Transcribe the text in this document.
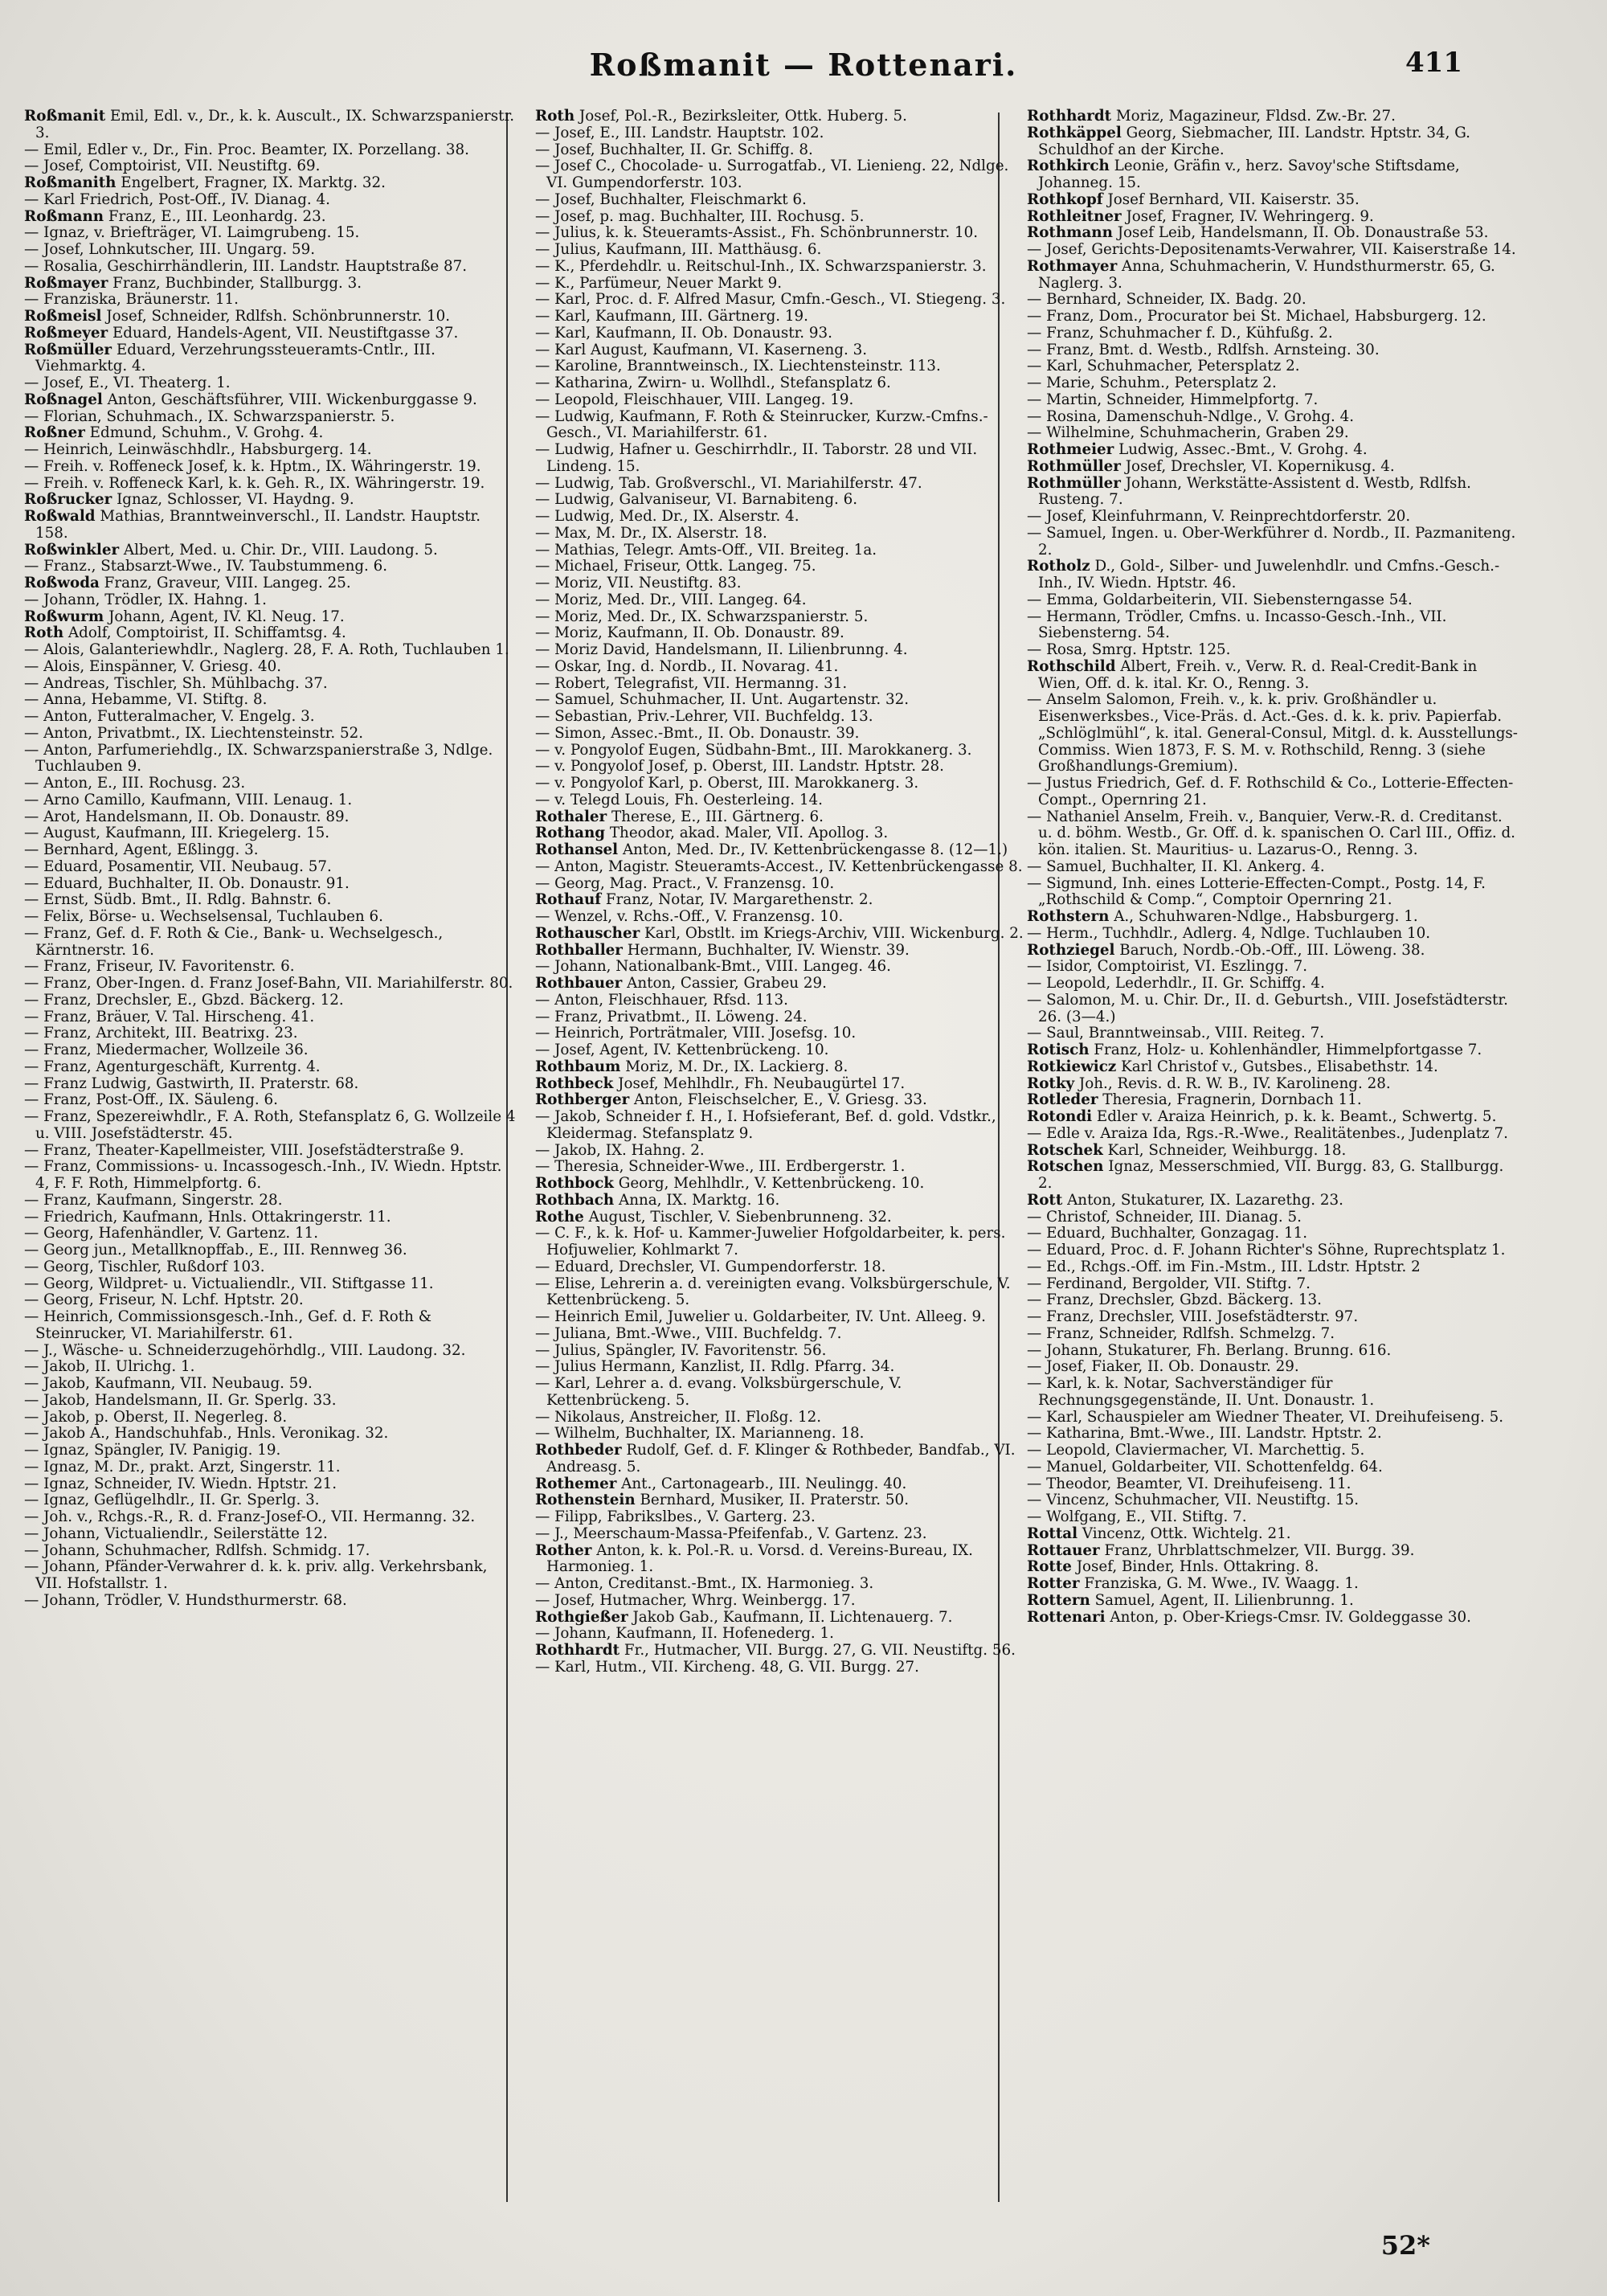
Roßmanit — Rottenari.	411

Roßmanit Emil, Edl. v., Dr., k. k. Auscult., IX. Schwarzspanierstr. 3.

— Emil, Edler v., Dr., Fin. Proc. Beamter, IX. Porzellang. 38.

— Josef, Comptoirist, VII. Neustiftg. 69.

Roßmanith Engelbert, Fragner, IX. Marktg. 32.

— Karl Friedrich, Post-Off., IV. Dianag. 4.

Roßmann Franz, E., III. Leonhardg. 23.

— Ignaz, v. Briefträger, VI. Laimgrubeng. 15.

— Josef, Lohnkutscher, III. Ungarg. 59.

— Rosalia, Geschirrhändlerin, III. Landstr. Hauptstraße 87.

Roßmayer Franz, Buchbinder, Stallburgg. 3.

— Franziska, Bräunerstr. 11.

Roßmeisl Josef, Schneider, Rdlfsh. Schönbrunnerstr. 10.

Roßmeyer Eduard, Handels-Agent, VII. Neustiftgasse 37.

Roßmüller Eduard, Verzehrungssteueramts-Cntlr., III. Viehmarktg. 4.

— Josef, E., VI. Theaterg. 1.

Roßnagel Anton, Geschäftsführer, VIII. Wickenburggasse 9.

— Florian, Schuhmach., IX. Schwarzspanierstr. 5.

Roßner Edmund, Schuhm., V. Grohg. 4.

— Heinrich, Leinwäschhdlr., Habsburgerg. 14.

— Freih. v. Roffeneck Josef, k. k. Hptm., IX. Währingerstr. 19.

— Freih. v. Roffeneck Karl, k. k. Geh. R., IX. Währingerstr. 19.

Roßrucker Ignaz, Schlosser, VI. Haydng. 9.

Roßwald Mathias, Branntweinverschl., II. Landstr. Hauptstr. 158.

Roßwinkler Albert, Med. u. Chir. Dr., VIII. Laudong. 5.

— Franz., Stabsarzt-Wwe., IV. Taubstummeng. 6.

Roßwoda Franz, Graveur, VIII. Langeg. 25.

— Johann, Trödler, IX. Hahng. 1.

Roßwurm Johann, Agent, IV. Kl. Neug. 17.

Roth Adolf, Comptoirist, II. Schiffamtsg. 4.

— Alois, Galanteriewhdlr., Naglerg. 28, F. A. Roth, Tuchlauben 1.

— Alois, Einspänner, V. Griesg. 40.

— Andreas, Tischler, Sh. Mühlbachg. 37.

— Anna, Hebamme, VI. Stiftg. 8.

— Anton, Futteralmacher, V. Engelg. 3.

— Anton, Privatbmt., IX. Liechtensteinstr. 52.

— Anton, Parfumeriehdlg., IX. Schwarzspanierstraße 3, Ndlge. Tuchlauben 9.

— Anton, E., III. Rochusg. 23.

— Arno Camillo, Kaufmann, VIII. Lenaug. 1.

— Arot, Handelsmann, II. Ob. Donaustr. 89.

— August, Kaufmann, III. Kriegelerg. 15.

— Bernhard, Agent, Eßlingg. 3.

— Eduard, Posamentir, VII. Neubaug. 57.

— Eduard, Buchhalter, II. Ob. Donaustr. 91.

— Ernst, Südb. Bmt., II. Rdlg. Bahnstr. 6.

— Felix, Börse- u. Wechselsensal, Tuchlauben 6.

— Franz, Gef. d. F. Roth & Cie., Bank- u. Wechselgesch., Kärntnerstr. 16.

— Franz, Friseur, IV. Favoritenstr. 6.

— Franz, Ober-Ingen. d. Franz Josef-Bahn, VII. Mariahilferstr. 80.

— Franz, Drechsler, E., Gbzd. Bäckerg. 12.

— Franz, Bräuer, V. Tal. Hirscheng. 41.

— Franz, Architekt, III. Beatrixg. 23.

— Franz, Miedermacher, Wollzeile 36.

— Franz, Agenturgeschäft, Kurrentg. 4.

— Franz Ludwig, Gastwirth, II. Praterstr. 68.

— Franz, Post-Off., IX. Säuleng. 6.

— Franz, Spezereiwhdlr., F. A. Roth, Stefansplatz 6, G. Wollzeile 4 u. VIII. Josefstädterstr. 45.

— Franz, Theater-Kapellmeister, VIII. Josefstädterstraße 9.

— Franz, Commissions- u. Incassogesch.-Inh., IV. Wiedn. Hptstr. 4, F. F. Roth, Himmelpfortg. 6.

— Franz, Kaufmann, Singerstr. 28.

— Friedrich, Kaufmann, Hnls. Ottakringerstr. 11.

— Georg, Hafenhändler, V. Gartenz. 11.

— Georg jun., Metallknopffab., E., III. Rennweg 36.

— Georg, Tischler, Rußdorf 103.

— Georg, Wildpret- u. Victualiendlr., VII. Stiftgasse 11.

— Georg, Friseur, N. Lchf. Hptstr. 20.

— Heinrich, Commissionsgesch.-Inh., Gef. d. F. Roth & Steinrucker, VI. Mariahilferstr. 61.

— J., Wäsche- u. Schneiderzugehörhdlg., VIII. Laudong. 32.

— Jakob, II. Ulrichg. 1.

— Jakob, Kaufmann, VII. Neubaug. 59.

— Jakob, Handelsmann, II. Gr. Sperlg. 33.

— Jakob, p. Oberst, II. Negerleg. 8.

— Jakob A., Handschuhfab., Hnls. Veronikag. 32.

— Ignaz, Spängler, IV. Panigig. 19.

— Ignaz, M. Dr., prakt. Arzt, Singerstr. 11.

— Ignaz, Schneider, IV. Wiedn. Hptstr. 21.

— Ignaz, Geflügelhdlr., II. Gr. Sperlg. 3.

— Joh. v., Rchgs.-R., R. d. Franz-Josef-O., VII. Hermanng. 32.

— Johann, Victualiendlr., Seilerstätte 12.

— Johann, Schuhmacher, Rdlfsh. Schmidg. 17.

— Johann, Pfänder-Verwahrer d. k. k. priv. allg. Verkehrsbank, VII. Hofstallstr. 1.

— Johann, Trödler, V. Hundsthurmerstr. 68.

Roth Josef, Pol.-R., Bezirksleiter, Ottk. Huberg. 5.

— Josef, E., III. Landstr. Hauptstr. 102.

— Josef, Buchhalter, II. Gr. Schiffg. 8.

— Josef C., Chocolade- u. Surrogatfab., VI. Lienieng. 22, Ndlge. VI. Gumpendorferstr. 103.

— Josef, Buchhalter, Fleischmarkt 6.

— Josef, p. mag. Buchhalter, III. Rochusg. 5.

— Julius, k. k. Steueramts-Assist., Fh. Schönbrunnerstr. 10.

— Julius, Kaufmann, III. Matthäusg. 6.

— K., Pferdehdlr. u. Reitschul-Inh., IX. Schwarzspanierstr. 3.

— K., Parfümeur, Neuer Markt 9.

— Karl, Proc. d. F. Alfred Masur, Cmfn.-Gesch., VI. Stiegeng. 3.

— Karl, Kaufmann, III. Gärtnerg. 19.

— Karl, Kaufmann, II. Ob. Donaustr. 93.

— Karl August, Kaufmann, VI. Kaserneng. 3.

— Karoline, Branntweinsch., IX. Liechtensteinstr. 113.

— Katharina, Zwirn- u. Wollhdl., Stefansplatz 6.

— Leopold, Fleischhauer, VIII. Langeg. 19.

— Ludwig, Kaufmann, F. Roth & Steinrucker, Kurzw.-Cmfns.-Gesch., VI. Mariahilferstr. 61.

— Ludwig, Hafner u. Geschirrhdlr., II. Taborstr. 28 und VII. Lindeng. 15.

— Ludwig, Tab. Großverschl., VI. Mariahilferstr. 47.

— Ludwig, Galvaniseur, VI. Barnabiteng. 6.

— Ludwig, Med. Dr., IX. Alserstr. 4.

— Max, M. Dr., IX. Alserstr. 18.

— Mathias, Telegr. Amts-Off., VII. Breiteg. 1a.

— Michael, Friseur, Ottk. Langeg. 75.

— Moriz, VII. Neustiftg. 83.

— Moriz, Med. Dr., VIII. Langeg. 64.

— Moriz, Med. Dr., IX. Schwarzspanierstr. 5.

— Moriz, Kaufmann, II. Ob. Donaustr. 89.

— Moriz David, Handelsmann, II. Lilienbrunng. 4.

— Oskar, Ing. d. Nordb., II. Novarag. 41.

— Robert, Telegrafist, VII. Hermanng. 31.

— Samuel, Schuhmacher, II. Unt. Augartenstr. 32.

— Sebastian, Priv.-Lehrer, VII. Buchfeldg. 13.

— Simon, Assec.-Bmt., II. Ob. Donaustr. 39.

— v. Pongyolof Eugen, Südbahn-Bmt., III. Marokkanerg. 3.

— v. Pongyolof Josef, p. Oberst, III. Landstr. Hptstr. 28.

— v. Pongyolof Karl, p. Oberst, III. Marokkanerg. 3.

— v. Telegd Louis, Fh. Oesterleing. 14.

Rothaler Therese, E., III. Gärtnerg. 6.

Rothang Theodor, akad. Maler, VII. Apollog. 3.

Rothansel Anton, Med. Dr., IV. Kettenbrückengasse 8. (12—1.)

— Anton, Magistr. Steueramts-Accest., IV. Kettenbrückengasse 8.

— Georg, Mag. Pract., V. Franzensg. 10.

Rothauf Franz, Notar, IV. Margarethenstr. 2.

— Wenzel, v. Rchs.-Off., V. Franzensg. 10.

Rothauscher Karl, Obstlt. im Kriegs-Archiv, VIII. Wickenburg. 2.

Rothballer Hermann, Buchhalter, IV. Wienstr. 39.

— Johann, Nationalbank-Bmt., VIII. Langeg. 46.

Rothbauer Anton, Cassier, Grabeu 29.

— Anton, Fleischhauer, Rfsd. 113.

— Franz, Privatbmt., II. Löweng. 24.

— Heinrich, Porträtmaler, VIII. Josefsg. 10.

— Josef, Agent, IV. Kettenbrückeng. 10.

Rothbaum Moriz, M. Dr., IX. Lackierg. 8.

Rothbeck Josef, Mehlhdlr., Fh. Neubaugürtel 17.

Rothberger Anton, Fleischselcher, E., V. Griesg. 33.

— Jakob, Schneider f. H., I. Hofsieferant, Bef. d. gold. Vdstkr., Kleidermag. Stefansplatz 9.

— Jakob, IX. Hahng. 2.

— Theresia, Schneider-Wwe., III. Erdbergerstr. 1.

Rothbock Georg, Mehlhdlr., V. Kettenbrückeng. 10.

Rothbach Anna, IX. Marktg. 16.

Rothe August, Tischler, V. Siebenbrunneng. 32.

— C. F., k. k. Hof- u. Kammer-Juwelier Hofgoldarbeiter, k. pers. Hofjuwelier, Kohlmarkt 7.

— Eduard, Drechsler, VI. Gumpendorferstr. 18.

— Elise, Lehrerin a. d. vereinigten evang. Volksbürgerschule, V. Kettenbrückeng. 5.

— Heinrich Emil, Juwelier u. Goldarbeiter, IV. Unt. Alleeg. 9.

— Juliana, Bmt.-Wwe., VIII. Buchfeldg. 7.

— Julius, Spängler, IV. Favoritenstr. 56.

— Julius Hermann, Kanzlist, II. Rdlg. Pfarrg. 34.

— Karl, Lehrer a. d. evang. Volksbürgerschule, V. Kettenbrückeng. 5.

— Nikolaus, Anstreicher, II. Floßg. 12.

— Wilhelm, Buchhalter, IX. Marianneng. 18.

Rothbeder Rudolf, Gef. d. F. Klinger & Rothbeder, Bandfab., VI. Andreasg. 5.

Rothemer Ant., Cartonagearb., III. Neulingg. 40.

Rothenstein Bernhard, Musiker, II. Praterstr. 50.

— Filipp, Fabrikslbes., V. Garterg. 23.

— J., Meerschaum-Massa-Pfeifenfab., V. Gartenz. 23.

Rother Anton, k. k. Pol.-R. u. Vorsd. d. Vereins-Bureau, IX. Harmonieg. 1.

— Anton, Creditanst.-Bmt., IX. Harmonieg. 3.

— Josef, Hutmacher, Whrg. Weinbergg. 17.

Rothgießer Jakob Gab., Kaufmann, II. Lichtenauerg. 7.

— Johann, Kaufmann, II. Hofenederg. 1.

Rothhardt Fr., Hutmacher, VII. Burgg. 27, G. VII. Neustiftg. 56.

— Karl, Hutm., VII. Kircheng. 48, G. VII. Burgg. 27.

Rothhardt Moriz, Magazineur, Fldsd. Zw.-Br. 27.

Rothkäppel Georg, Siebmacher, III. Landstr. Hptstr. 34, G. Schuldhof an der Kirche.

Rothkirch Leonie, Gräfin v., herz. Savoy'sche Stiftsdame, Johanneg. 15.

Rothkopf Josef Bernhard, VII. Kaiserstr. 35.

Rothleitner Josef, Fragner, IV. Wehringerg. 9.

Rothmann Josef Leib, Handelsmann, II. Ob. Donaustraße 53.

— Josef, Gerichts-Depositenamts-Verwahrer, VII. Kaiserstraße 14.

Rothmayer Anna, Schuhmacherin, V. Hundsthurmerstr. 65, G. Naglerg. 3.

— Bernhard, Schneider, IX. Badg. 20.

— Franz, Dom., Procurator bei St. Michael, Habsburgerg. 12.

— Franz, Schuhmacher f. D., Kühfußg. 2.

— Franz, Bmt. d. Westb., Rdlfsh. Arnsteing. 30.

— Karl, Schuhmacher, Petersplatz 2.

— Marie, Schuhm., Petersplatz 2.

— Martin, Schneider, Himmelpfortg. 7.

— Rosina, Damenschuh-Ndlge., V. Grohg. 4.

— Wilhelmine, Schuhmacherin, Graben 29.

Rothmeier Ludwig, Assec.-Bmt., V. Grohg. 4.

Rothmüller Josef, Drechsler, VI. Kopernikusg. 4.

Rothmüller Johann, Werkstätte-Assistent d. Westb, Rdlfsh. Rusteng. 7.

— Josef, Kleinfuhrmann, V. Reinprechtdorferstr. 20.

— Samuel, Ingen. u. Ober-Werkführer d. Nordb., II. Pazmaniteng. 2.

Rotholz D., Gold-, Silber- und Juwelenhdlr. und Cmfns.-Gesch.-Inh., IV. Wiedn. Hptstr. 46.

— Emma, Goldarbeiterin, VII. Siebensterngasse 54.

— Hermann, Trödler, Cmfns. u. Incasso-Gesch.-Inh., VII. Siebensterng. 54.

— Rosa, Smrg. Hptstr. 125.

Rothschild Albert, Freih. v., Verw. R. d. Real-Credit-Bank in Wien, Off. d. k. ital. Kr. O., Renng. 3.

— Anselm Salomon, Freih. v., k. k. priv. Großhändler u. Eisenwerksbes., Vice-Präs. d. Act.-Ges. d. k. k. priv. Papierfab. „Schlöglmühl“, k. ital. General-Consul, Mitgl. d. k. Ausstellungs-Commiss. Wien 1873, F. S. M. v. Rothschild, Renng. 3 (siehe Großhandlungs-Gremium).

— Justus Friedrich, Gef. d. F. Rothschild & Co., Lotterie-Effecten-Compt., Opernring 21.

— Nathaniel Anselm, Freih. v., Banquier, Verw.-R. d. Creditanst. u. d. böhm. Westb., Gr. Off. d. k. spanischen O. Carl III., Offiz. d. kön. italien. St. Mauritius- u. Lazarus-O., Renng. 3.

— Samuel, Buchhalter, II. Kl. Ankerg. 4.

— Sigmund, Inh. eines Lotterie-Effecten-Compt., Postg. 14, F. „Rothschild & Comp.“, Comptoir Opernring 21.

Rothstern A., Schuhwaren-Ndlge., Habsburgerg. 1.

— Herm., Tuchhdlr., Adlerg. 4, Ndlge. Tuchlauben 10.

Rothziegel Baruch, Nordb.-Ob.-Off., III. Löweng. 38.

— Isidor, Comptoirist, VI. Eszlingg. 7.

— Leopold, Lederhdlr., II. Gr. Schiffg. 4.

— Salomon, M. u. Chir. Dr., II. d. Geburtsh., VIII. Josefstädterstr. 26. (3—4.)

— Saul, Branntweinsab., VIII. Reiteg. 7.

Rotisch Franz, Holz- u. Kohlenhändler, Himmelpfortgasse 7.

Rotkiewicz Karl Christof v., Gutsbes., Elisabethstr. 14.

Rotky Joh., Revis. d. R. W. B., IV. Karolineng. 28.

Rotleder Theresia, Fragnerin, Dornbach 11.

Rotondi Edler v. Araiza Heinrich, p. k. k. Beamt., Schwertg. 5.

— Edle v. Araiza Ida, Rgs.-R.-Wwe., Realitätenbes., Judenplatz 7.

Rotschek Karl, Schneider, Weihburgg. 18.

Rotschen Ignaz, Messerschmied, VII. Burgg. 83, G. Stallburgg. 2.

Rott Anton, Stukaturer, IX. Lazarethg. 23.

— Christof, Schneider, III. Dianag. 5.

— Eduard, Buchhalter, Gonzagag. 11.

— Eduard, Proc. d. F. Johann Richter's Söhne, Ruprechtsplatz 1.

— Ed., Rchgs.-Off. im Fin.-Mstm., III. Ldstr. Hptstr. 2

— Ferdinand, Bergolder, VII. Stiftg. 7.

— Franz, Drechsler, Gbzd. Bäckerg. 13.

— Franz, Drechsler, VIII. Josefstädterstr. 97.

— Franz, Schneider, Rdlfsh. Schmelzg. 7.

— Johann, Stukaturer, Fh. Berlang. Brunng. 616.

— Josef, Fiaker, II. Ob. Donaustr. 29.

— Karl, k. k. Notar, Sachverständiger für Rechnungsgegenstände, II. Unt. Donaustr. 1.

— Karl, Schauspieler am Wiedner Theater, VI. Dreihufeiseng. 5.

— Katharina, Bmt.-Wwe., III. Landstr. Hptstr. 2.

— Leopold, Claviermacher, VI. Marchettig. 5.

— Manuel, Goldarbeiter, VII. Schottenfeldg. 64.

— Theodor, Beamter, VI. Dreihufeiseng. 11.

— Vincenz, Schuhmacher, VII. Neustiftg. 15.

— Wolfgang, E., VII. Stiftg. 7.

Rottal Vincenz, Ottk. Wichtelg. 21.

Rottauer Franz, Uhrblattschmelzer, VII. Burgg. 39.

Rotte Josef, Binder, Hnls. Ottakring. 8.

Rotter Franziska, G. M. Wwe., IV. Waagg. 1.

Rottern Samuel, Agent, II. Lilienbrunng. 1.

Rottenari Anton, p. Ober-Kriegs-Cmsr. IV. Goldeggasse 30.

52*
